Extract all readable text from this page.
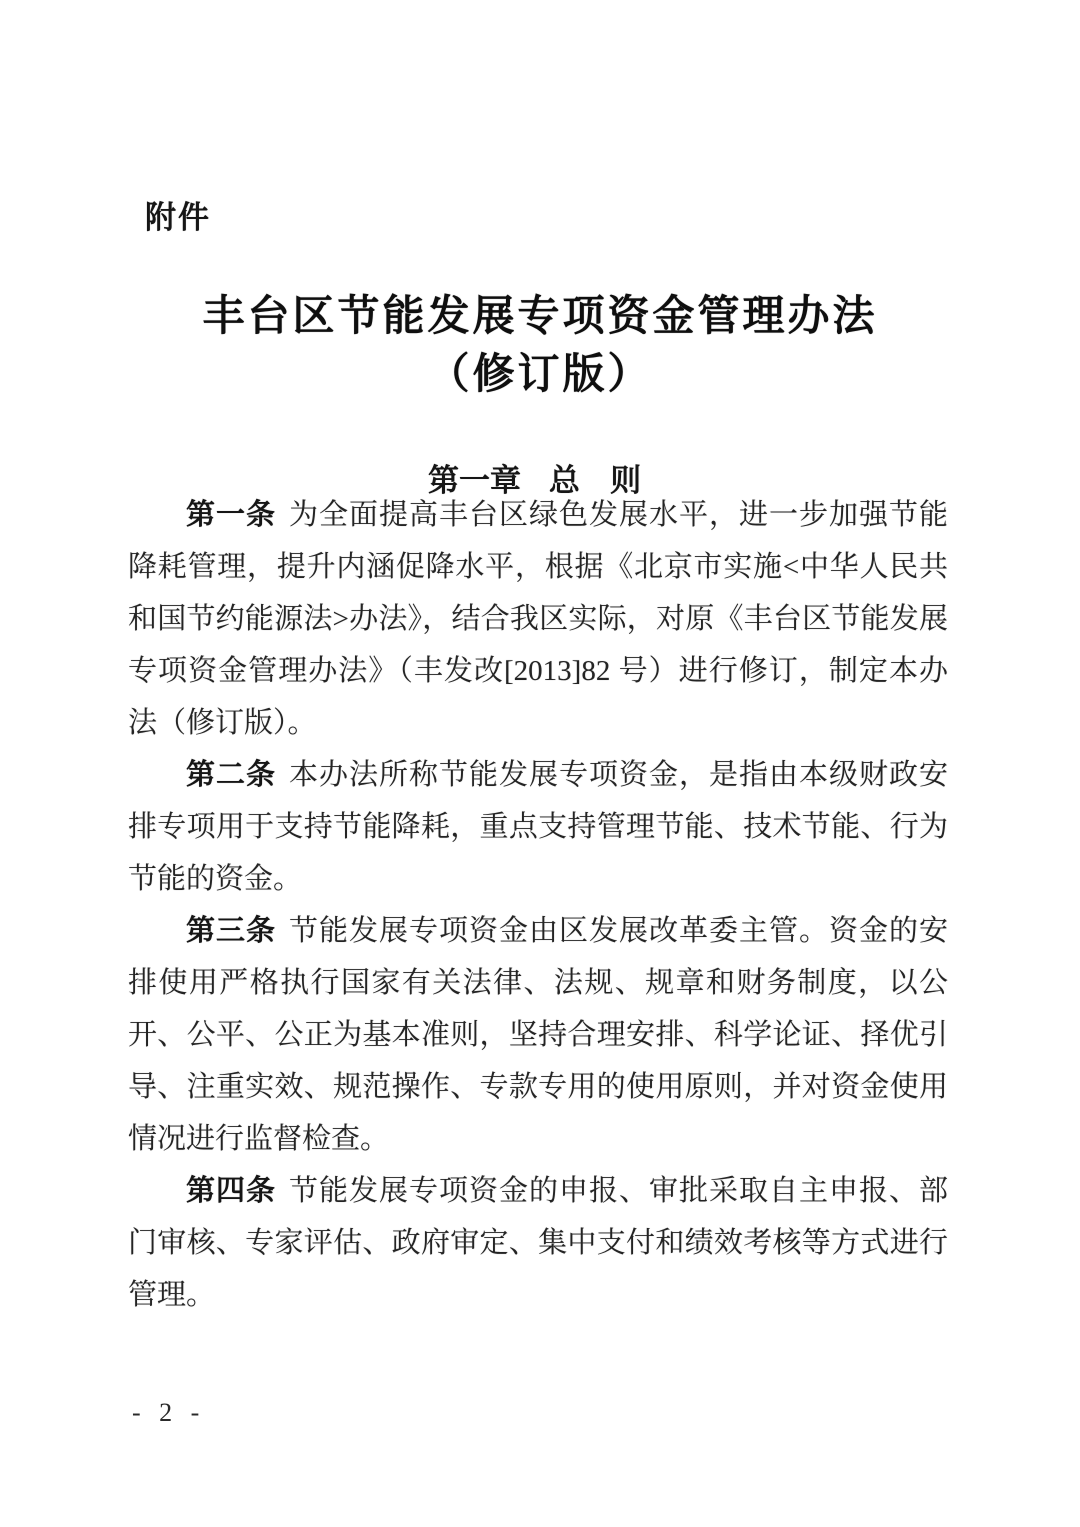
附件
丰台区节能发展专项资金管理办法
（修订版）
第一章 总 则

第一条 为全面提高丰台区绿色发展水平，进一步加强节能降耗管理，提升内涵促降水平，根据《北京市实施<中华人民共和国节约能源法>办法》，结合我区实际，对原《丰台区节能发展专项资金管理办法》（丰发改[2013]82 号）进行修订，制定本办法（修订版）。

第二条 本办法所称节能发展专项资金，是指由本级财政安排专项用于支持节能降耗，重点支持管理节能、技术节能、行为节能的资金。

第三条 节能发展专项资金由区发展改革委主管。资金的安排使用严格执行国家有关法律、法规、规章和财务制度，以公开、公平、公正为基本准则，坚持合理安排、科学论证、择优引导、注重实效、规范操作、专款专用的使用原则，并对资金使用情况进行监督检查。

第四条 节能发展专项资金的申报、审批采取自主申报、部门审核、专家评估、政府审定、集中支付和绩效考核等方式进行管理。

- 2 -
